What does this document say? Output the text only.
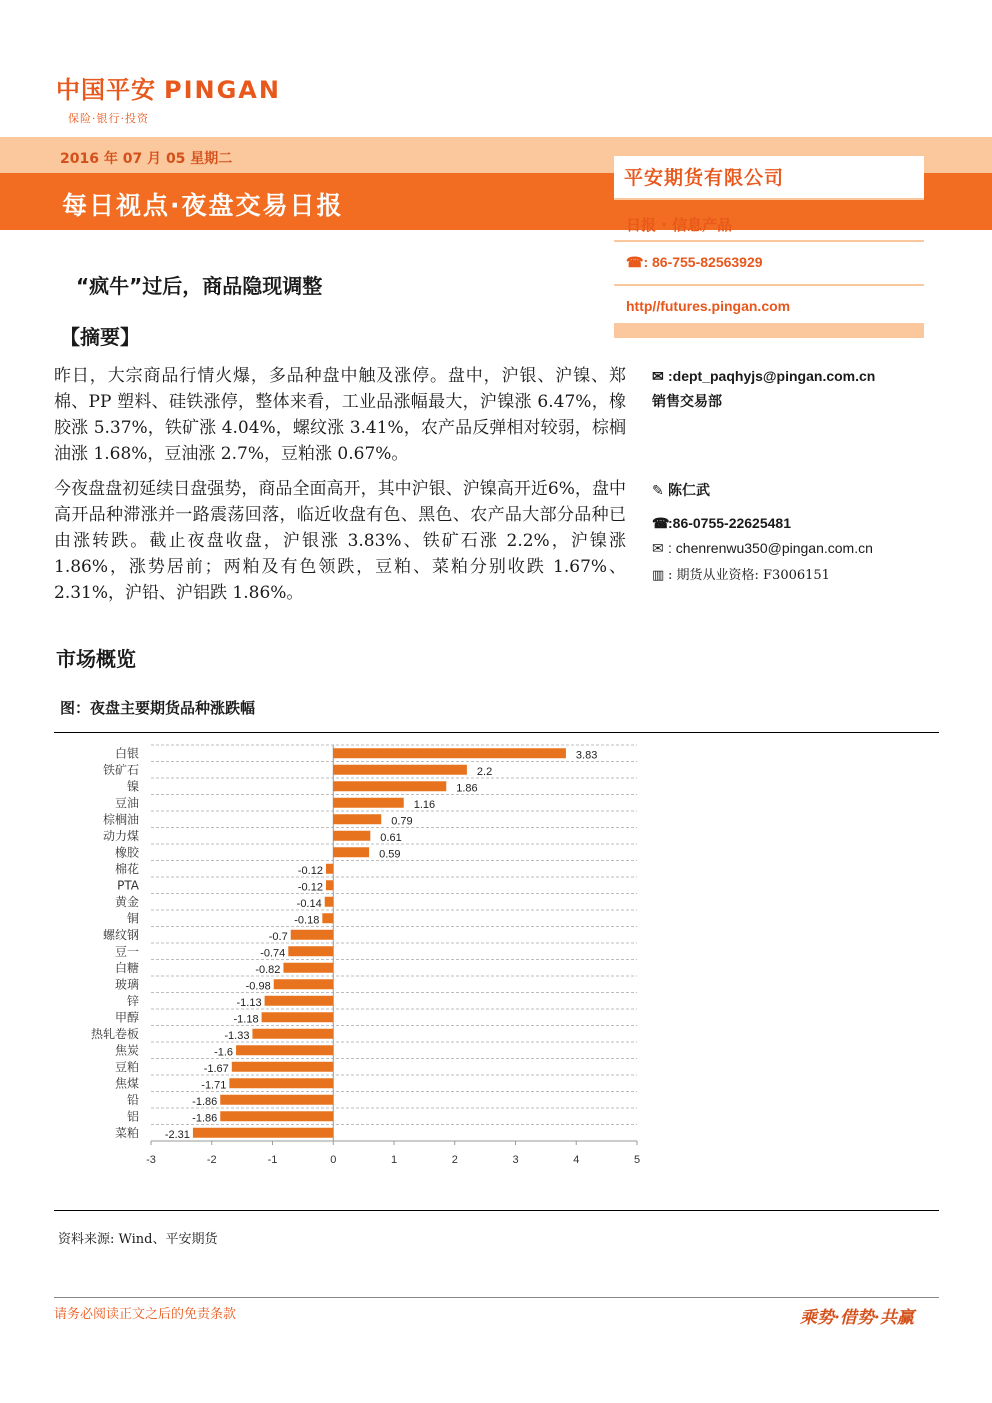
中国平安 PINGAN
保险·银行·投资
2016 年 07 月 05 星期二
每日视点·夜盘交易日报
平安期货有限公司
日报 · 信息产品
☎: 86-755-82563929
http//futures.pingan.com
“疯牛”过后，商品隐现调整
【摘要】
昨日，大宗商品行情火爆，多品种盘中触及涨停。盘中，沪银、沪镍、郑棉、PP 塑料、硅铁涨停，整体来看，工业品涨幅最大，沪镍涨 6.47%，橡胶涨 5.37%，铁矿涨 4.04%，螺纹涨 3.41%，农产品反弹相对较弱，棕榈油涨 1.68%，豆油涨 2.7%，豆粕涨 0.67%。
今夜盘盘初延续日盘强势，商品全面高开，其中沪银、沪镍高开近6%，盘中高开品种滞涨并一路震荡回落，临近收盘有色、黑色、农产品大部分品种已由涨转跌。截止夜盘收盘，沪银涨 3.83%、铁矿石涨 2.2%，沪镍涨 1.86%，涨势居前；两粕及有色领跌，豆粕、菜粕分别收跌 1.67%、2.31%，沪铅、沪铝跌 1.86%。
✉ :dept_paqhyjs@pingan.com.cn
销售交易部
✎ 陈仁武
☎:86-0755-22625481
✉ : chenrenwu350@pingan.com.cn
▥ : 期货从业资格: F3006151
市场概览
图：夜盘主要期货品种涨跌幅
白银	3.83
铁矿石	2.2
镍	1.86
豆油	1.16
棕榈油	0.79
动力煤	0.61
橡胶	0.59
棉花	-0.12
PTA	-0.12
黄金	-0.14
铜	-0.18
螺纹钢	-0.7
豆一	-0.74
白糖	-0.82
玻璃	-0.98
锌	-1.13
甲醇	-1.18
热轧卷板	-1.33
焦炭	-1.6
豆粕	-1.67
焦煤	-1.71
铅	-1.86
铝	-1.86
菜粕 -2.31
-3	-2	-1	0	1	2	3	4	5
资料来源: Wind、平安期货
请务必阅读正文之后的免责条款	乘势·借势·共赢
